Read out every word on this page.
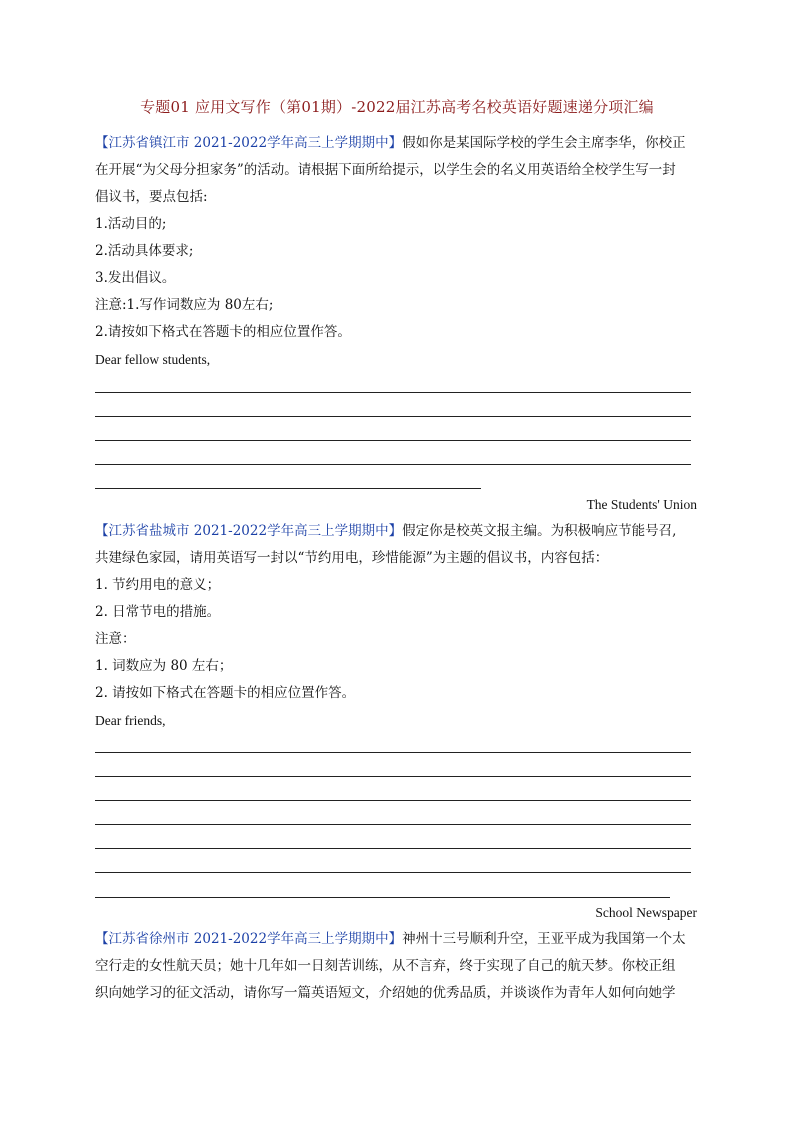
专题01 应用文写作（第01期）-2022届江苏高考名校英语好题速递分项汇编
【江苏省镇江市 2021-2022学年高三上学期期中】假如你是某国际学校的学生会主席李华，你校正
在开展“为父母分担家务”的活动。请根据下面所给提示，以学生会的名义用英语给全校学生写一封
倡议书，要点包括:
1.活动目的;
2.活动具体要求;
3.发出倡议。
注意:1.写作词数应为 80左右;
2.请按如下格式在答题卡的相应位置作答。
Dear fellow students,
The Students' Union
【江苏省盐城市 2021-2022学年高三上学期期中】假定你是校英文报主编。为积极响应节能号召,
共建绿色家园，请用英语写一封以“节约用电，珍惜能源”为主题的倡议书，内容包括：
1. 节约用电的意义；
2. 日常节电的措施。
注意：
1. 词数应为 80 左右；
2. 请按如下格式在答题卡的相应位置作答。
Dear friends,
School Newspaper
【江苏省徐州市 2021-2022学年高三上学期期中】神州十三号顺利升空，王亚平成为我国第一个太
空行走的女性航天员；她十几年如一日刻苦训练，从不言弃，终于实现了自己的航天梦。你校正组
织向她学习的征文活动，请你写一篇英语短文，介绍她的优秀品质，并谈谈作为青年人如何向她学
